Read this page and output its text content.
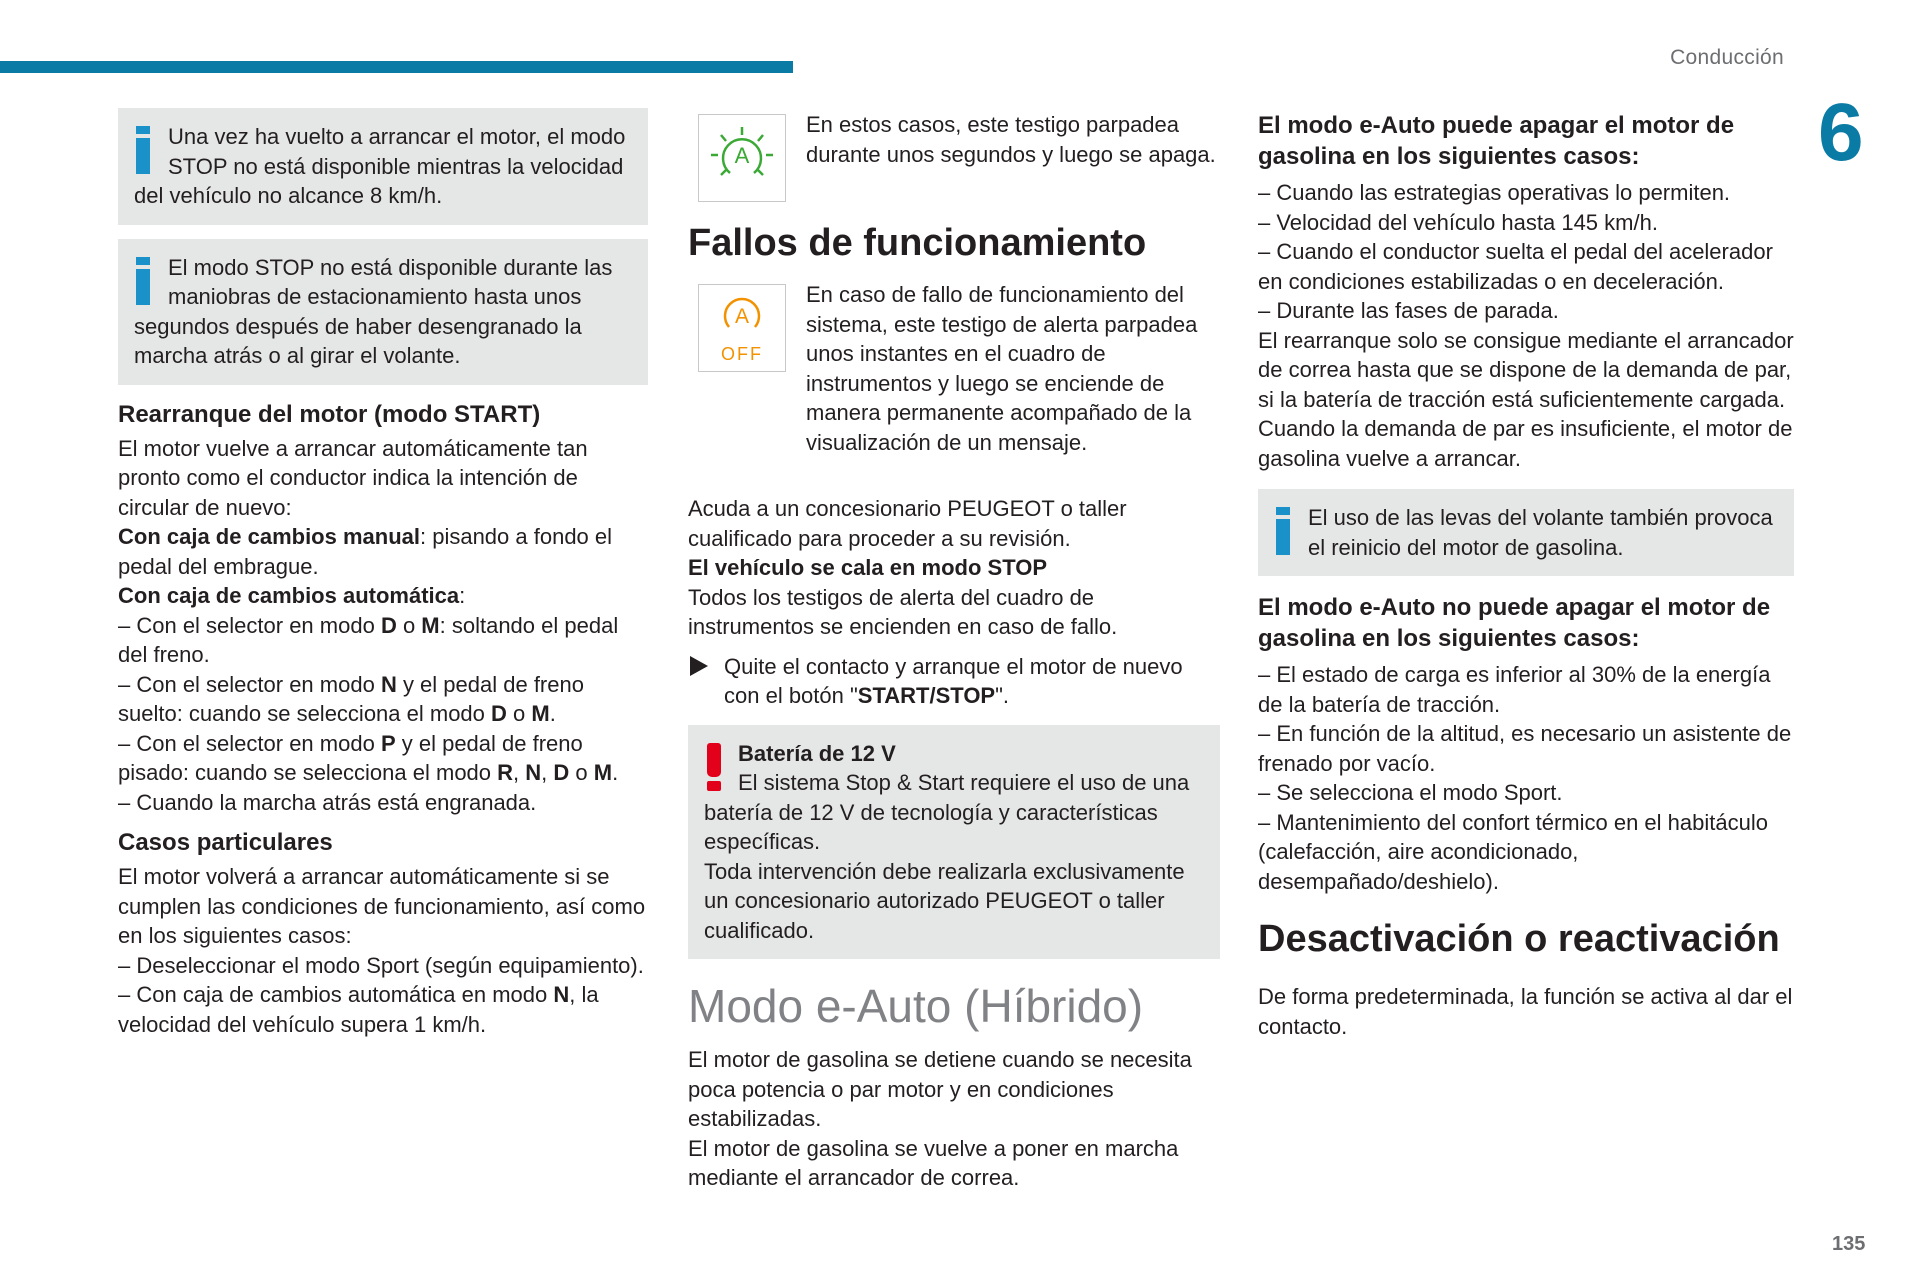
Conducción
6

Una vez ha vuelto a arrancar el motor, el modo STOP no está disponible mientras la velocidad del vehículo no alcance 8 km/h.

El modo STOP no está disponible durante las maniobras de estacionamiento hasta unos segundos después de haber desengranado la marcha atrás o al girar el volante.

Rearranque del motor (modo START)

El motor vuelve a arrancar automáticamente tan pronto como el conductor indica la intención de circular de nuevo:
Con caja de cambios manual: pisando a fondo el pedal del embrague.
Con caja de cambios automática:
– Con el selector en modo D o M: soltando el pedal del freno.
– Con el selector en modo N y el pedal de freno suelto: cuando se selecciona el modo D o M.
– Con el selector en modo P y el pedal de freno pisado: cuando se selecciona el modo R, N, D o M.
– Cuando la marcha atrás está engranada.

Casos particulares

El motor volverá a arrancar automáticamente si se cumplen las condiciones de funcionamiento, así como en los siguientes casos:
– Deseleccionar el modo Sport (según equipamiento).
– Con caja de cambios automática en modo N, la velocidad del vehículo supera 1 km/h.

A

En estos casos, este testigo parpadea durante unos segundos y luego se apaga.

Fallos de funcionamiento

A
OFF

En caso de fallo de funcionamiento del sistema, este testigo de alerta parpadea unos instantes en el cuadro de instrumentos y luego se enciende de manera permanente acompañado de la visualización de un mensaje.

Acuda a un concesionario PEUGEOT o taller cualificado para proceder a su revisión.
El vehículo se cala en modo STOP
Todos los testigos de alerta del cuadro de instrumentos se encienden en caso de fallo.

Quite el contacto y arranque el motor de nuevo con el botón "START/STOP".

Batería de 12 V
El sistema Stop & Start requiere el uso de una batería de 12 V de tecnología y características específicas.
Toda intervención debe realizarla exclusivamente un concesionario autorizado PEUGEOT o taller cualificado.

Modo e-Auto (Híbrido)

El motor de gasolina se detiene cuando se necesita poca potencia o par motor y en condiciones estabilizadas.
El motor de gasolina se vuelve a poner en marcha mediante el arrancador de correa.

El modo e-Auto puede apagar el motor de gasolina en los siguientes casos:

– Cuando las estrategias operativas lo permiten.

– Velocidad del vehículo hasta 145 km/h.

– Cuando el conductor suelta el pedal del acelerador en condiciones estabilizadas o en deceleración.

– Durante las fases de parada.

El rearranque solo se consigue mediante el arrancador de correa hasta que se dispone de la demanda de par, si la batería de tracción está suficientemente cargada. Cuando la demanda de par es insuficiente, el motor de gasolina vuelve a arrancar.

El uso de las levas del volante también provoca el reinicio del motor de gasolina.

El modo e-Auto no puede apagar el motor de gasolina en los siguientes casos:

– El estado de carga es inferior al 30% de la energía de la batería de tracción.

– En función de la altitud, es necesario un asistente de frenado por vacío.

– Se selecciona el modo Sport.

– Mantenimiento del confort térmico en el habitáculo (calefacción, aire acondicionado, desempañado/deshielo).

Desactivación o reactivación

De forma predeterminada, la función se activa al dar el contacto.

135
